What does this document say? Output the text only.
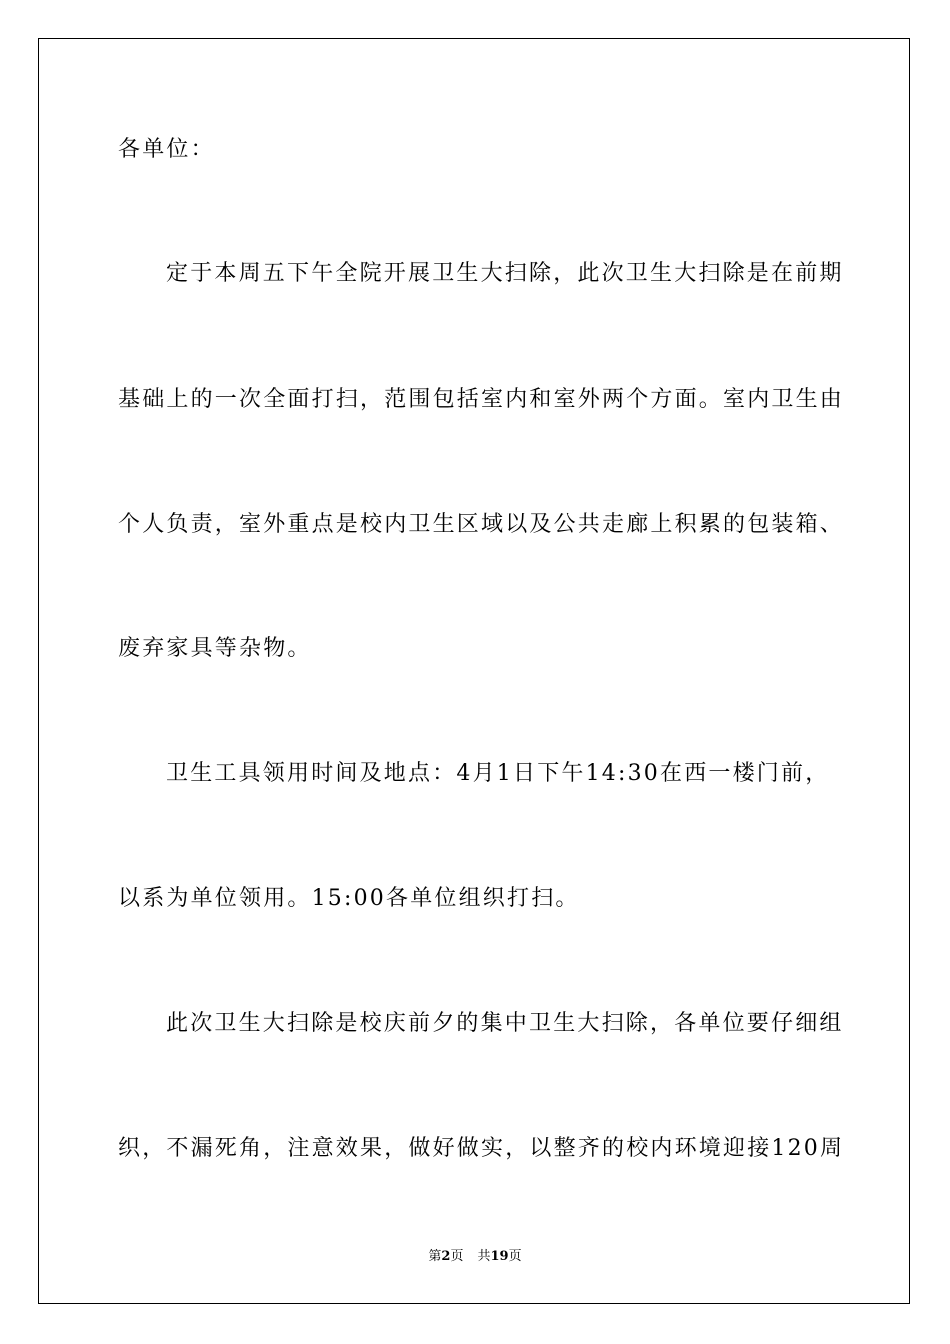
各单位：
定于本周五下午全院开展卫生大扫除，此次卫生大扫除是在前期
基础上的一次全面打扫，范围包括室内和室外两个方面。室内卫生由
个人负责，室外重点是校内卫生区域以及公共走廊上积累的包装箱、
废弃家具等杂物。
卫生工具领用时间及地点：4月1日下午14:30在西一楼门前，
以系为单位领用。15:00各单位组织打扫。
此次卫生大扫除是校庆前夕的集中卫生大扫除，各单位要仔细组
织，不漏死角，注意效果，做好做实，以整齐的校内环境迎接120周
第2页 共19页
